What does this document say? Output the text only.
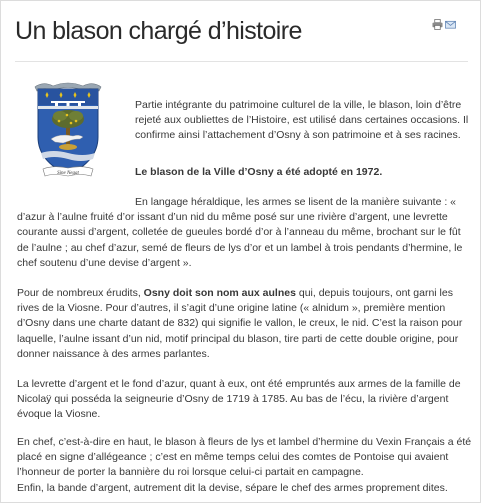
Un blason chargé d’histoire
Sine Negat

Partie intégrante du patrimoine culturel de la ville, le blason, loin d’être rejeté aux oubliettes de l’Histoire, est utilisé dans certaines occasions. Il confirme ainsi l’attachement d’Osny à son patrimoine et à ses racines.

Le blason de la Ville d’Osny a été adopté en 1972.

En langage héraldique, les armes se lisent de la manière suivante : « d’azur à l’aulne fruité d’or issant d’un nid du même posé sur une rivière d’argent, une levrette courante aussi d’argent, colletée de gueules bordé d’or à l’anneau du même, brochant sur le fût de l’aulne ; au chef d’azur, semé de fleurs de lys d’or et un lambel à trois pendants d’hermine, le chef soutenu d’une devise d’argent ».

Pour de nombreux érudits, Osny doit son nom aux aulnes qui, depuis toujours, ont garni les rives de la Viosne. Pour d’autres, il s’agit d’une origine latine (« alnidum », première mention d’Osny dans une charte datant de 832) qui signifie le vallon, le creux, le nid. C’est la raison pour laquelle, l’aulne issant d’un nid, motif principal du blason, tire parti de cette double origine, pour donner naissance à des armes parlantes.

La levrette d’argent et le fond d’azur, quant à eux, ont été empruntés aux armes de la famille de Nicolaÿ qui posséda la seigneurie d’Osny de 1719 à 1785. Au bas de l’écu, la rivière d’argent évoque la Viosne.

En chef, c’est-à-dire en haut, le blason à fleurs de lys et lambel d’hermine du Vexin Français a été placé en signe d’allégeance ; c’est en même temps celui des comtes de Pontoise qui avaient l’honneur de porter la bannière du roi lorsque celui-ci partait en campagne.
Enfin, la bande d’argent, autrement dit la devise, sépare le chef des armes proprement dites.
